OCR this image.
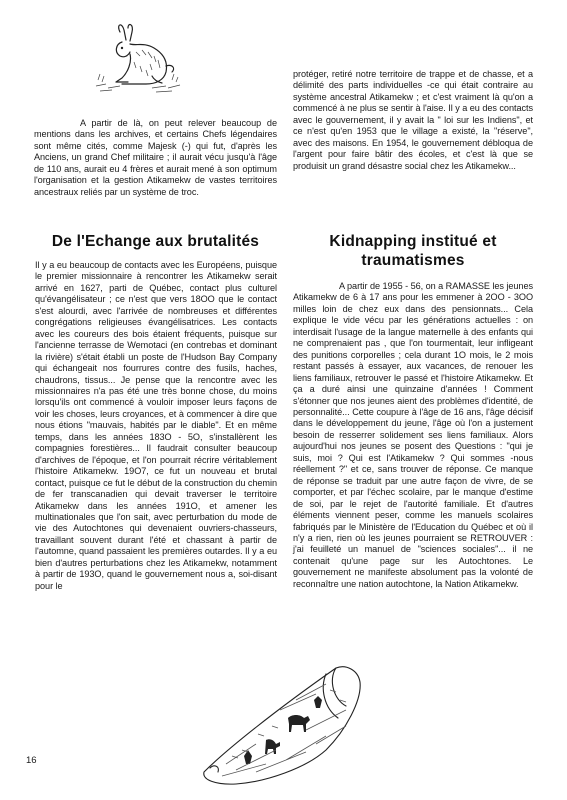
A partir de là, on peut relever beaucoup de mentions dans les archives, et certains Chefs légendaires sont même cités, comme Majesk (-) qui fut, d'après les Anciens, un grand Chef militaire ; il aurait vécu jusqu'à l'âge de 110 ans, aurait eu 4 frères et aurait mené à son optimum l'organisation et la gestion Atikamekw de vastes territoires ancestraux reliés par un système de troc.

De l'Echange aux brutalités

Il y a eu beaucoup de contacts avec les Européens, puisque le premier missionnaire à rencontrer les Atikamekw serait arrivé en 1627, parti de Québec, contact plus culturel qu'évangélisateur ; ce n'est que vers 18OO que le contact s'est alourdi, avec l'arrivée de nombreuses et différentes congrégations religieuses évangélisatrices. Les contacts avec les coureurs des bois étaient fréquents, puisque sur l'ancienne terrasse de Wemotaci (en contrebas et dominant la rivière) s'était établi un poste de l'Hudson Bay Company qui échangeait nos fourrures contre des fusils, haches, chaudrons, tissus... Je pense que la rencontre avec les missionnaires n'a pas été une très bonne chose, du moins lorsqu'ils ont commencé à vouloir imposer leurs façons de voir les choses, leurs croyances, et à commencer à dire que nous étions "mauvais, habités par le diable". Et en même temps, dans les années 183O - 5O, s'installèrent les compagnies forestières... Il faudrait consulter beaucoup d'archives de l'époque, et l'on pourrait récrire véritablement l'histoire Atikamekw. 19O7, ce fut un nouveau et brutal contact, puisque ce fut le début de la construction du chemin de fer transcanadien qui devait traverser le territoire Atikamekw dans les années 191O, et amener les multinationales que l'on sait, avec perturbation du mode de vie des Autochtones qui devenaient ouvriers-chasseurs, travaillant souvent durant l'été et chassant à partir de l'automne, quand passaient les premières outardes. Il y a eu bien d'autres perturbations chez les Atikamekw, notamment à partir de 193O, quand le gouvernement nous a, soi-disant pour le

protéger, retiré notre territoire de trappe et de chasse, et a délimité des parts individuelles -ce qui était contraire au système ancestral Atikamekw ; et c'est vraiment là qu'on a commencé à ne plus se sentir à l'aise. Il y a eu des contacts avec le gouvernement, il y avait la " loi sur les Indiens", et ce n'est qu'en 1953 que le village a existé, la "réserve", avec des maisons. En 1954, le gouvernement débloqua de l'argent pour faire bâtir des écoles, et c'est là que se produisit un grand désastre social chez les Atikamekw...

Kidnapping institué et traumatismes

A partir de 1955 - 56, on a RAMASSE les jeunes Atikamekw de 6 à 17 ans pour les emmener à 2OO - 3OO milles loin de chez eux dans des pensionnats... Cela explique le vide vécu par les générations actuelles : on interdisait l'usage de la langue maternelle à des enfants qui ne comprenaient pas , que l'on tourmentait, leur infligeant des punitions corporelles ; cela durant 1O mois, le 2 mois restant passés à essayer, aux vacances, de renouer les liens familiaux, retrouver le passé et l'histoire Atikamekw. Et ça a duré ainsi une quinzaine d'années ! Comment s'étonner que nos jeunes aient des problèmes d'identité, de personnalité... Cette coupure à l'âge de 16 ans, l'âge décisif dans le développement du jeune, l'âge où l'on a justement besoin de resserrer solidement ses liens familiaux. Alors aujourd'hui nos jeunes se posent des Questions : "qui je suis, moi ? Qui est l'Atikamekw ? Qui sommes -nous réellement ?" et ce, sans trouver de réponse. Ce manque de réponse se traduit par une autre façon de vivre, de se comporter, et par l'échec scolaire, par le manque d'estime de soi, par le rejet de l'autorité familiale. Et d'autres éléments viennent peser, comme les manuels scolaires fabriqués par le Ministère de l'Education du Québec et où il n'y a rien, rien où les jeunes pourraient se RETROUVER : j'ai feuilleté un manuel de "sciences sociales"... il ne contenait qu'une page sur les Autochtones. Le gouvernement ne manifeste absolument pas la volonté de reconnaître une nation autochtone, la Nation Atikamekw.

16
